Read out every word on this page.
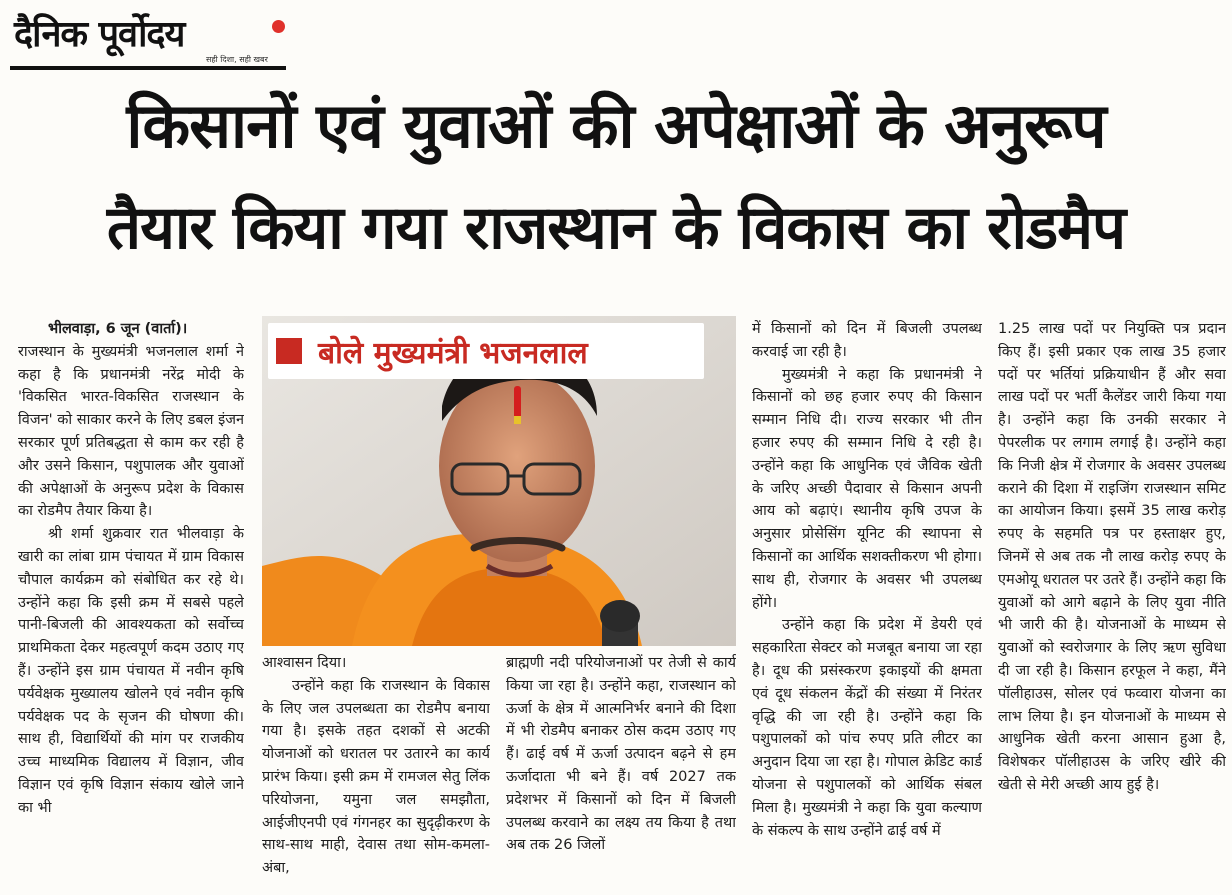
दैनिक पूर्वोदय
सही दिशा, सही खबर
किसानों एवं युवाओं की अपेक्षाओं के अनुरूप
तैयार किया गया राजस्थान के विकास का रोडमैप

भीलवाड़ा, 6 जून (वार्ता)।

राजस्थान के मुख्यमंत्री भजनलाल शर्मा ने कहा है कि प्रधानमंत्री नरेंद्र मोदी के 'विकसित भारत-विकसित राजस्थान के विजन' को साकार करने के लिए डबल इंजन सरकार पूर्ण प्रतिबद्धता से काम कर रही है और उसने किसान, पशुपालक और युवाओं की अपेक्षाओं के अनुरूप प्रदेश के विकास का रोडमैप तैयार किया है।

श्री शर्मा शुक्रवार रात भीलवाड़ा के खारी का लांबा ग्राम पंचायत में ग्राम विकास चौपाल कार्यक्रम को संबोधित कर रहे थे। उन्होंने कहा कि इसी क्रम में सबसे पहले पानी-बिजली की आवश्यकता को सर्वोच्च प्राथमिकता देकर महत्वपूर्ण कदम उठाए गए हैं। उन्होंने इस ग्राम पंचायत में नवीन कृषि पर्यवेक्षक मुख्यालय खोलने एवं नवीन कृषि पर्यवेक्षक पद के सृजन की घोषणा की। साथ ही, विद्यार्थियों की मांग पर राजकीय उच्च माध्यमिक विद्यालय में विज्ञान, जीव विज्ञान एवं कृषि विज्ञान संकाय खोले जाने का भी

बोले मुख्यमंत्री भजनलाल

आश्वासन दिया।

उन्होंने कहा कि राजस्थान के विकास के लिए जल उपलब्धता का रोडमैप बनाया गया है। इसके तहत दशकों से अटकी योजनाओं को धरातल पर उतारने का कार्य प्रारंभ किया। इसी क्रम में रामजल सेतु लिंक परियोजना, यमुना जल समझौता, आईजीएनपी एवं गंगनहर का सुदृढ़ीकरण के साथ-साथ माही, देवास तथा सोम-कमला-अंबा,

ब्राह्मणी नदी परियोजनाओं पर तेजी से कार्य किया जा रहा है। उन्होंने कहा, राजस्थान को ऊर्जा के क्षेत्र में आत्मनिर्भर बनाने की दिशा में भी रोडमैप बनाकर ठोस कदम उठाए गए हैं। ढाई वर्ष में ऊर्जा उत्पादन बढ़ने से हम ऊर्जादाता भी बने हैं। वर्ष 2027 तक प्रदेशभर में किसानों को दिन में बिजली उपलब्ध करवाने का लक्ष्य तय किया है तथा अब तक 26 जिलों

में किसानों को दिन में बिजली उपलब्ध करवाई जा रही है।

मुख्यमंत्री ने कहा कि प्रधानमंत्री ने किसानों को छह हजार रुपए की किसान सम्मान निधि दी। राज्य सरकार भी तीन हजार रुपए की सम्मान निधि दे रही है। उन्होंने कहा कि आधुनिक एवं जैविक खेती के जरिए अच्छी पैदावार से किसान अपनी आय को बढ़ाएं। स्थानीय कृषि उपज के अनुसार प्रोसेसिंग यूनिट की स्थापना से किसानों का आर्थिक सशक्तीकरण भी होगा। साथ ही, रोजगार के अवसर भी उपलब्ध होंगे।

उन्होंने कहा कि प्रदेश में डेयरी एवं सहकारिता सेक्टर को मजबूत बनाया जा रहा है। दूध की प्रसंस्करण इकाइयों की क्षमता एवं दूध संकलन केंद्रों की संख्या में निरंतर वृद्धि की जा रही है। उन्होंने कहा कि पशुपालकों को पांच रुपए प्रति लीटर का अनुदान दिया जा रहा है। गोपाल क्रेडिट कार्ड योजना से पशुपालकों को आर्थिक संबल मिला है। मुख्यमंत्री ने कहा कि युवा कल्याण के संकल्प के साथ उन्होंने ढाई वर्ष में

1.25 लाख पदों पर नियुक्ति पत्र प्रदान किए हैं। इसी प्रकार एक लाख 35 हजार पदों पर भर्तियां प्रक्रियाधीन हैं और सवा लाख पदों पर भर्ती कैलेंडर जारी किया गया है। उन्होंने कहा कि उनकी सरकार ने पेपरलीक पर लगाम लगाई है। उन्होंने कहा कि निजी क्षेत्र में रोजगार के अवसर उपलब्ध कराने की दिशा में राइजिंग राजस्थान समिट का आयोजन किया। इसमें 35 लाख करोड़ रुपए के सहमति पत्र पर हस्ताक्षर हुए, जिनमें से अब तक नौ लाख करोड़ रुपए के एमओयू धरातल पर उतरे हैं। उन्होंने कहा कि युवाओं को आगे बढ़ाने के लिए युवा नीति भी जारी की है। योजनाओं के माध्यम से युवाओं को स्वरोजगार के लिए ऋण सुविधा दी जा रही है। किसान हरफूल ने कहा, मैंने पॉलीहाउस, सोलर एवं फव्वारा योजना का लाभ लिया है। इन योजनाओं के माध्यम से आधुनिक खेती करना आसान हुआ है, विशेषकर पॉलीहाउस के जरिए खीरे की खेती से मेरी अच्छी आय हुई है।
